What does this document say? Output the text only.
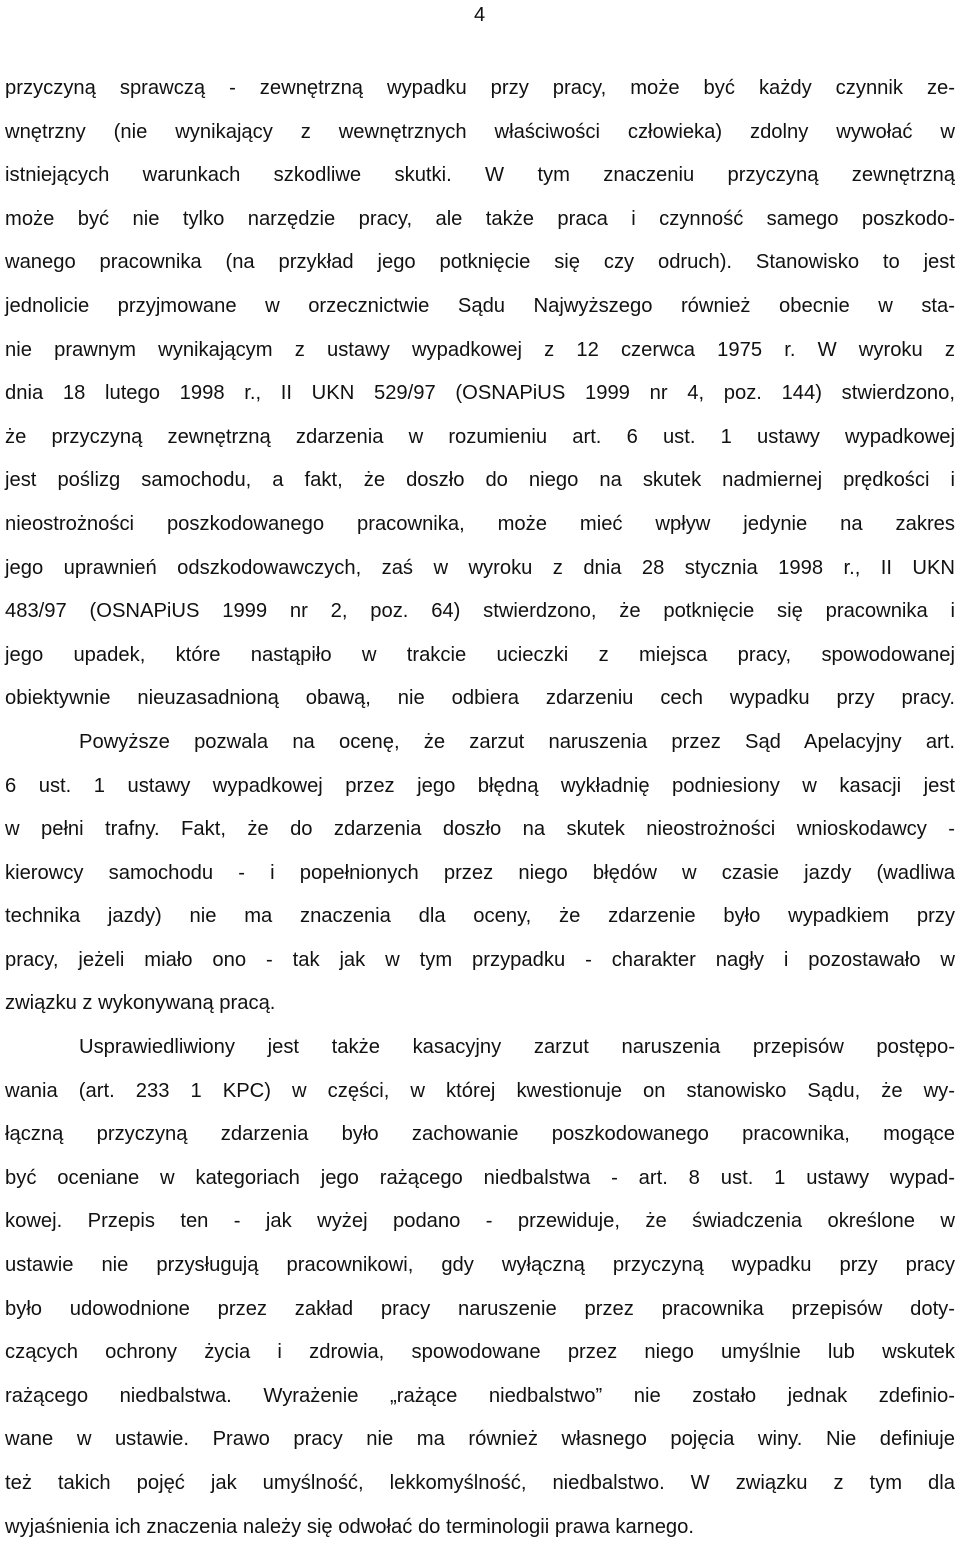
4
przyczyną sprawczą - zewnętrzną wypadku przy pracy, może być każdy czynnik ze-
wnętrzny (nie wynikający z wewnętrznych właściwości człowieka) zdolny wywołać w
istniejących warunkach szkodliwe skutki. W tym znaczeniu przyczyną zewnętrzną
może być nie tylko narzędzie pracy, ale także praca i czynność samego poszkodo-
wanego pracownika (na przykład jego potknięcie się czy odruch). Stanowisko to jest
jednolicie przyjmowane w orzecznictwie Sądu Najwyższego również obecnie w sta-
nie prawnym wynikającym z ustawy wypadkowej z 12 czerwca 1975 r. W wyroku z
dnia 18 lutego 1998 r., II UKN 529/97 (OSNAPiUS 1999 nr 4, poz. 144) stwierdzono,
że przyczyną zewnętrzną zdarzenia w rozumieniu art. 6 ust. 1 ustawy wypadkowej
jest poślizg samochodu, a fakt, że doszło do niego na skutek nadmiernej prędkości i
nieostrożności poszkodowanego pracownika, może mieć wpływ jedynie na zakres
jego uprawnień odszkodowawczych, zaś w wyroku z dnia 28 stycznia 1998 r., II UKN
483/97 (OSNAPiUS 1999 nr 2, poz. 64) stwierdzono, że potknięcie się pracownika i
jego upadek, które nastąpiło w trakcie ucieczki z miejsca pracy, spowodowanej
obiektywnie nieuzasadnioną obawą, nie odbiera zdarzeniu cech wypadku przy pracy.
Powyższe pozwala na ocenę, że zarzut naruszenia przez Sąd Apelacyjny art.
6 ust. 1 ustawy wypadkowej przez jego błędną wykładnię podniesiony w kasacji jest
w pełni trafny. Fakt, że do zdarzenia doszło na skutek nieostrożności wnioskodawcy -
kierowcy samochodu - i popełnionych przez niego błędów w czasie jazdy (wadliwa
technika jazdy) nie ma znaczenia dla oceny, że zdarzenie było wypadkiem przy
pracy, jeżeli miało ono - tak jak w tym przypadku - charakter nagły i pozostawało w
związku z wykonywaną pracą.
Usprawiedliwiony jest także kasacyjny zarzut naruszenia przepisów postępo-
wania (art. 233 1 KPC) w części, w której kwestionuje on stanowisko Sądu, że wy-
łączną przyczyną zdarzenia było zachowanie poszkodowanego pracownika, mogące
być oceniane w kategoriach jego rażącego niedbalstwa - art. 8 ust. 1 ustawy wypad-
kowej. Przepis ten - jak wyżej podano - przewiduje, że świadczenia określone w
ustawie nie przysługują pracownikowi, gdy wyłączną przyczyną wypadku przy pracy
było udowodnione przez zakład pracy naruszenie przez pracownika przepisów doty-
czących ochrony życia i zdrowia, spowodowane przez niego umyślnie lub wskutek
rażącego niedbalstwa. Wyrażenie „rażące niedbalstwo” nie zostało jednak zdefinio-
wane w ustawie. Prawo pracy nie ma również własnego pojęcia winy. Nie definiuje
też takich pojęć jak umyślność, lekkomyślność, niedbalstwo. W związku z tym dla
wyjaśnienia ich znaczenia należy się odwołać do terminologii prawa karnego.
